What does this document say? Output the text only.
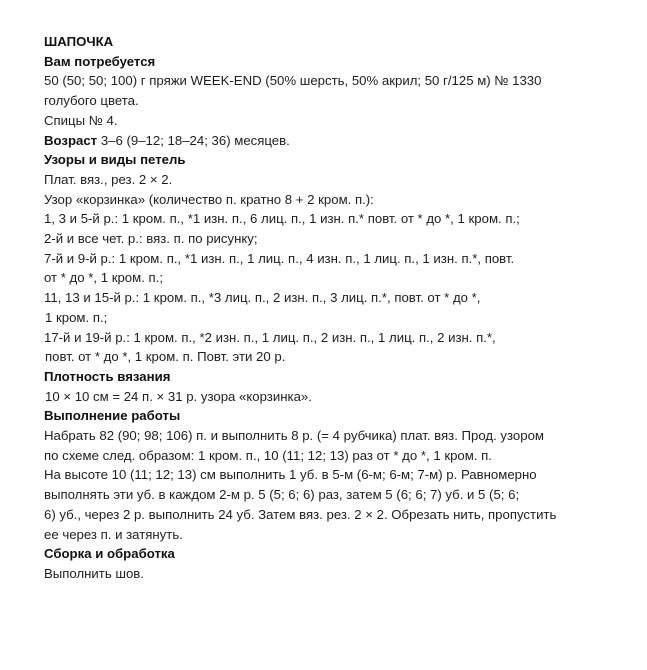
ШАПОЧКА
Вам потребуется
50 (50; 50; 100) г пряжи WEEK-END (50% шерсть, 50% акрил; 50 г/125 м) № 1330
голубого цвета.
Спицы № 4.
Возраст 3–6 (9–12; 18–24; 36) месяцев.
Узоры и виды петель
Плат. вяз., рез. 2 × 2.
Узор «корзинка» (количество п. кратно 8 + 2 кром. п.):
1, 3 и 5-й р.: 1 кром. п., *1 изн. п., 6 лиц. п., 1 изн. п.* повт. от * до *, 1 кром. п.;
2-й и все чет. р.: вяз. п. по рисунку;
7-й и 9-й р.: 1 кром. п., *1 изн. п., 1 лиц. п., 4 изн. п., 1 лиц. п., 1 изн. п.*, повт.
от * до *, 1 кром. п.;
11, 13 и 15-й р.: 1 кром. п., *3 лиц. п., 2 изн. п., 3 лиц. п.*, повт. от * до *,
1 кром. п.;
17-й и 19-й р.: 1 кром. п., *2 изн. п., 1 лиц. п., 2 изн. п., 1 лиц. п., 2 изн. п.*,
повт. от * до *, 1 кром. п. Повт. эти 20 р.
Плотность вязания
10 × 10 см = 24 п. × 31 р. узора «корзинка».
Выполнение работы
Набрать 82 (90; 98; 106) п. и выполнить 8 р. (= 4 рубчика) плат. вяз. Прод. узором
по схеме след. образом: 1 кром. п., 10 (11; 12; 13) раз от * до *, 1 кром. п.
На высоте 10 (11; 12; 13) см выполнить 1 уб. в 5-м (6-м; 6-м; 7-м) р. Равномерно
выполнять эти уб. в каждом 2-м р. 5 (5; 6; 6) раз, затем 5 (6; 6; 7) уб. и 5 (5; 6;
6) уб., через 2 р. выполнить 24 уб. Затем вяз. рез. 2 × 2. Обрезать нить, пропустить
ее через п. и затянуть.
Сборка и обработка
Выполнить шов.
